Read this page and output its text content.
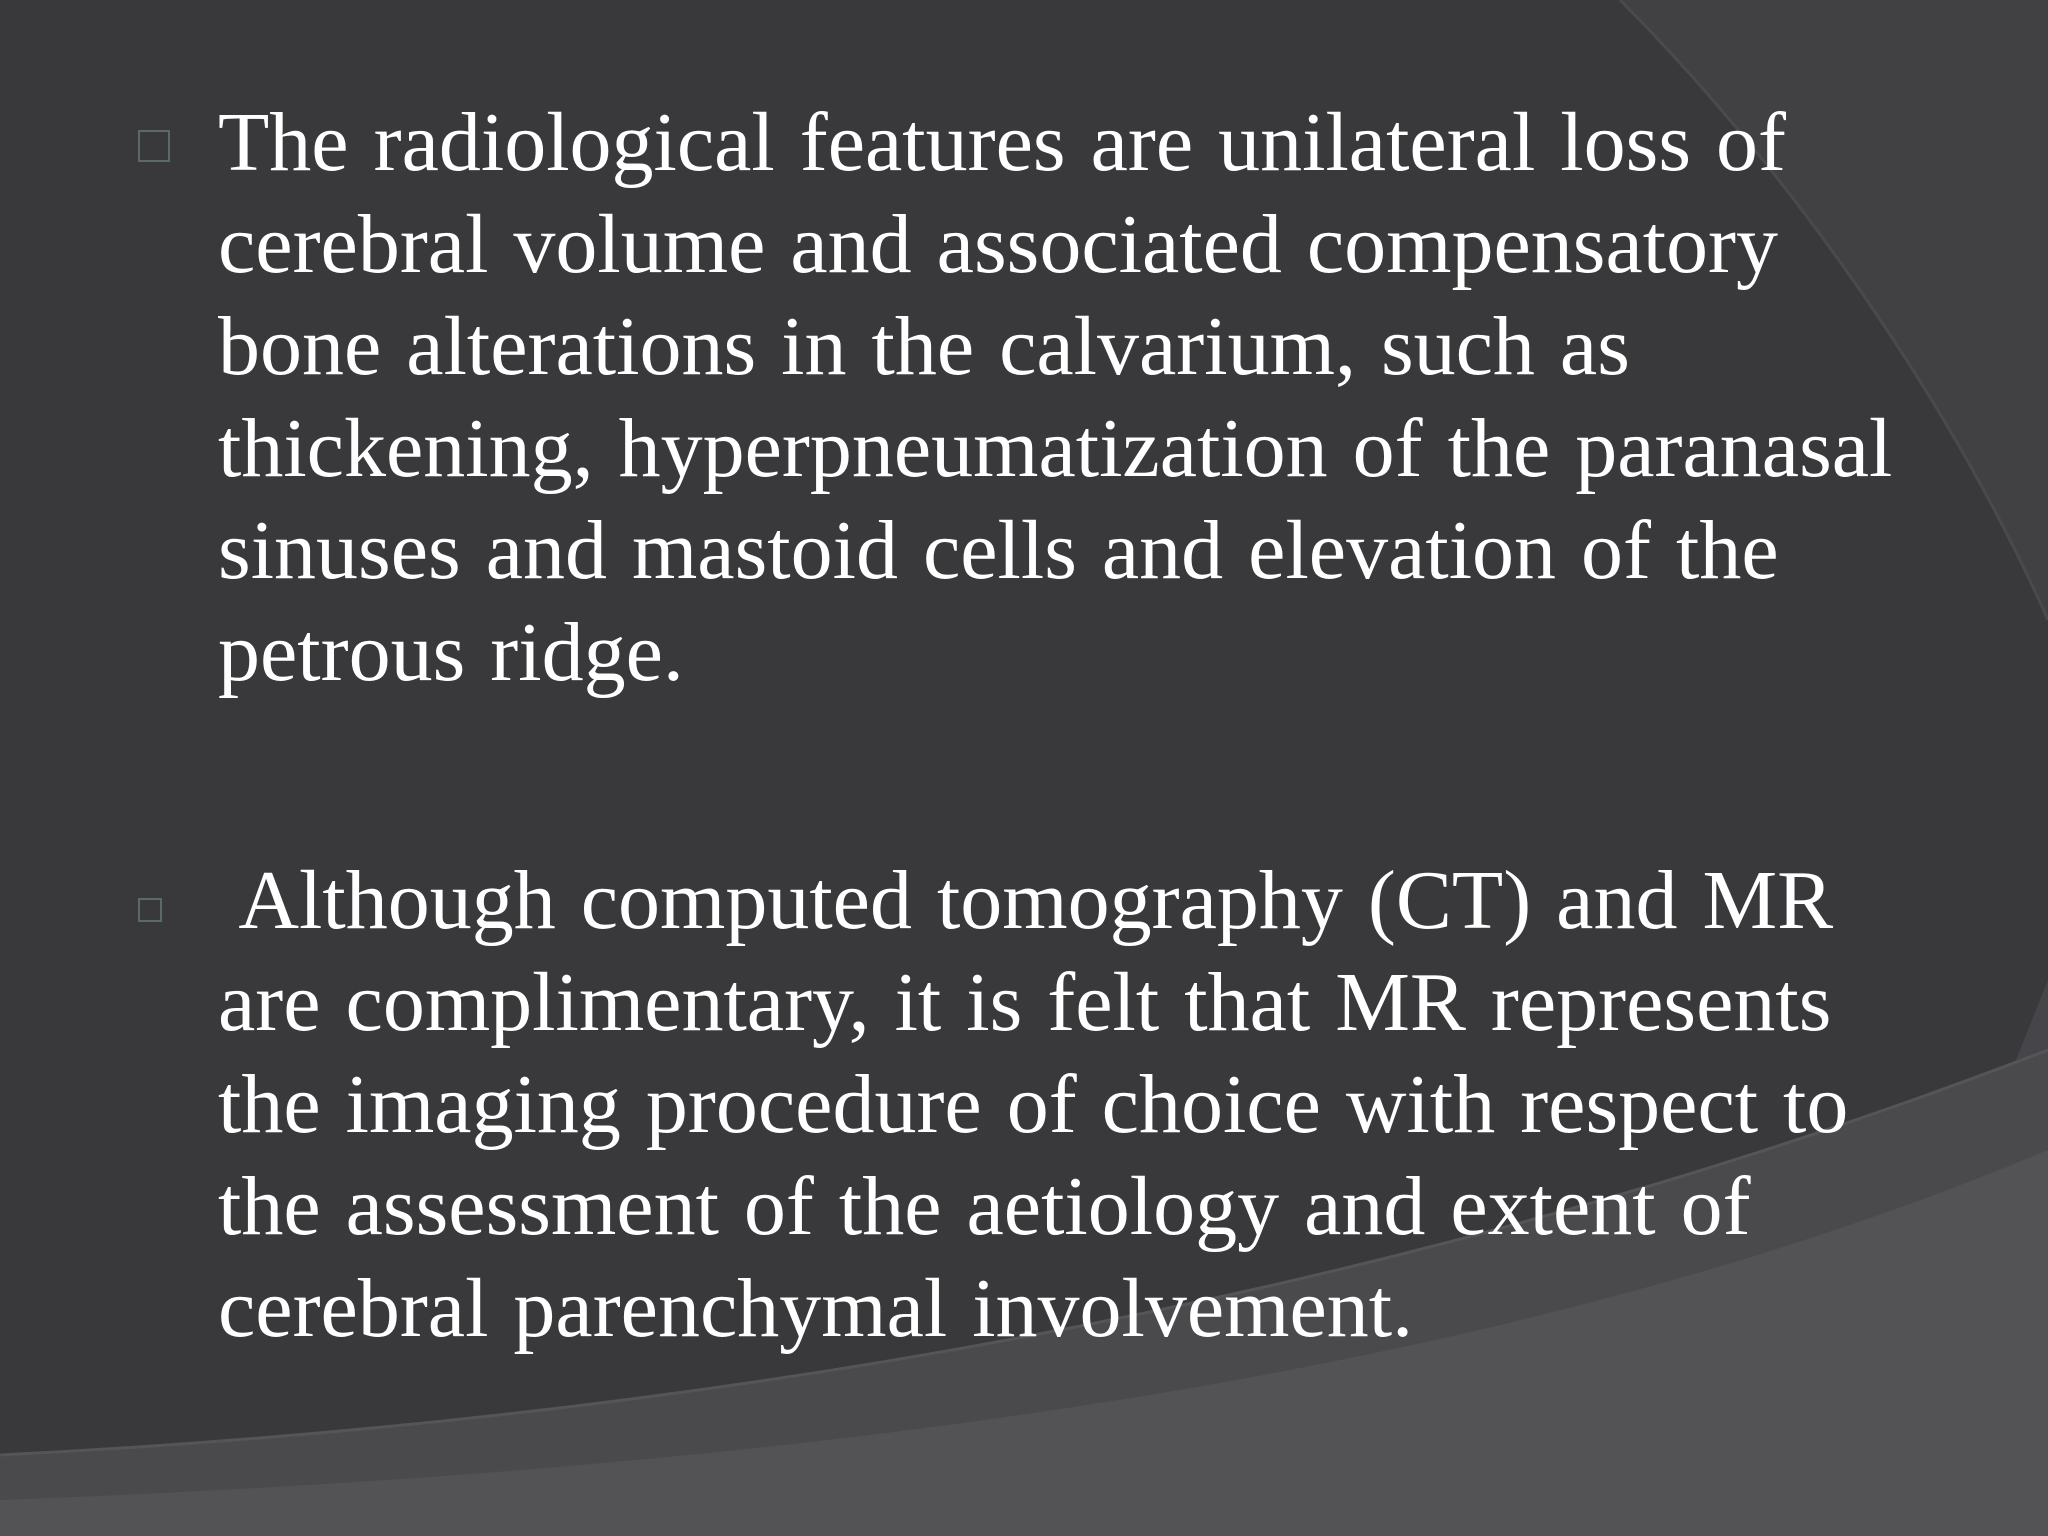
The radiological features are unilateral loss of
cerebral volume and associated compensatory
bone alterations in the calvarium, such as
thickening, hyperpneumatization of the paranasal
sinuses and mastoid cells and elevation of the
petrous ridge.
Although computed tomography (CT) and MR
are complimentary, it is felt that MR represents
the imaging procedure of choice with respect to
the assessment of the aetiology and extent of
cerebral parenchymal involvement.
